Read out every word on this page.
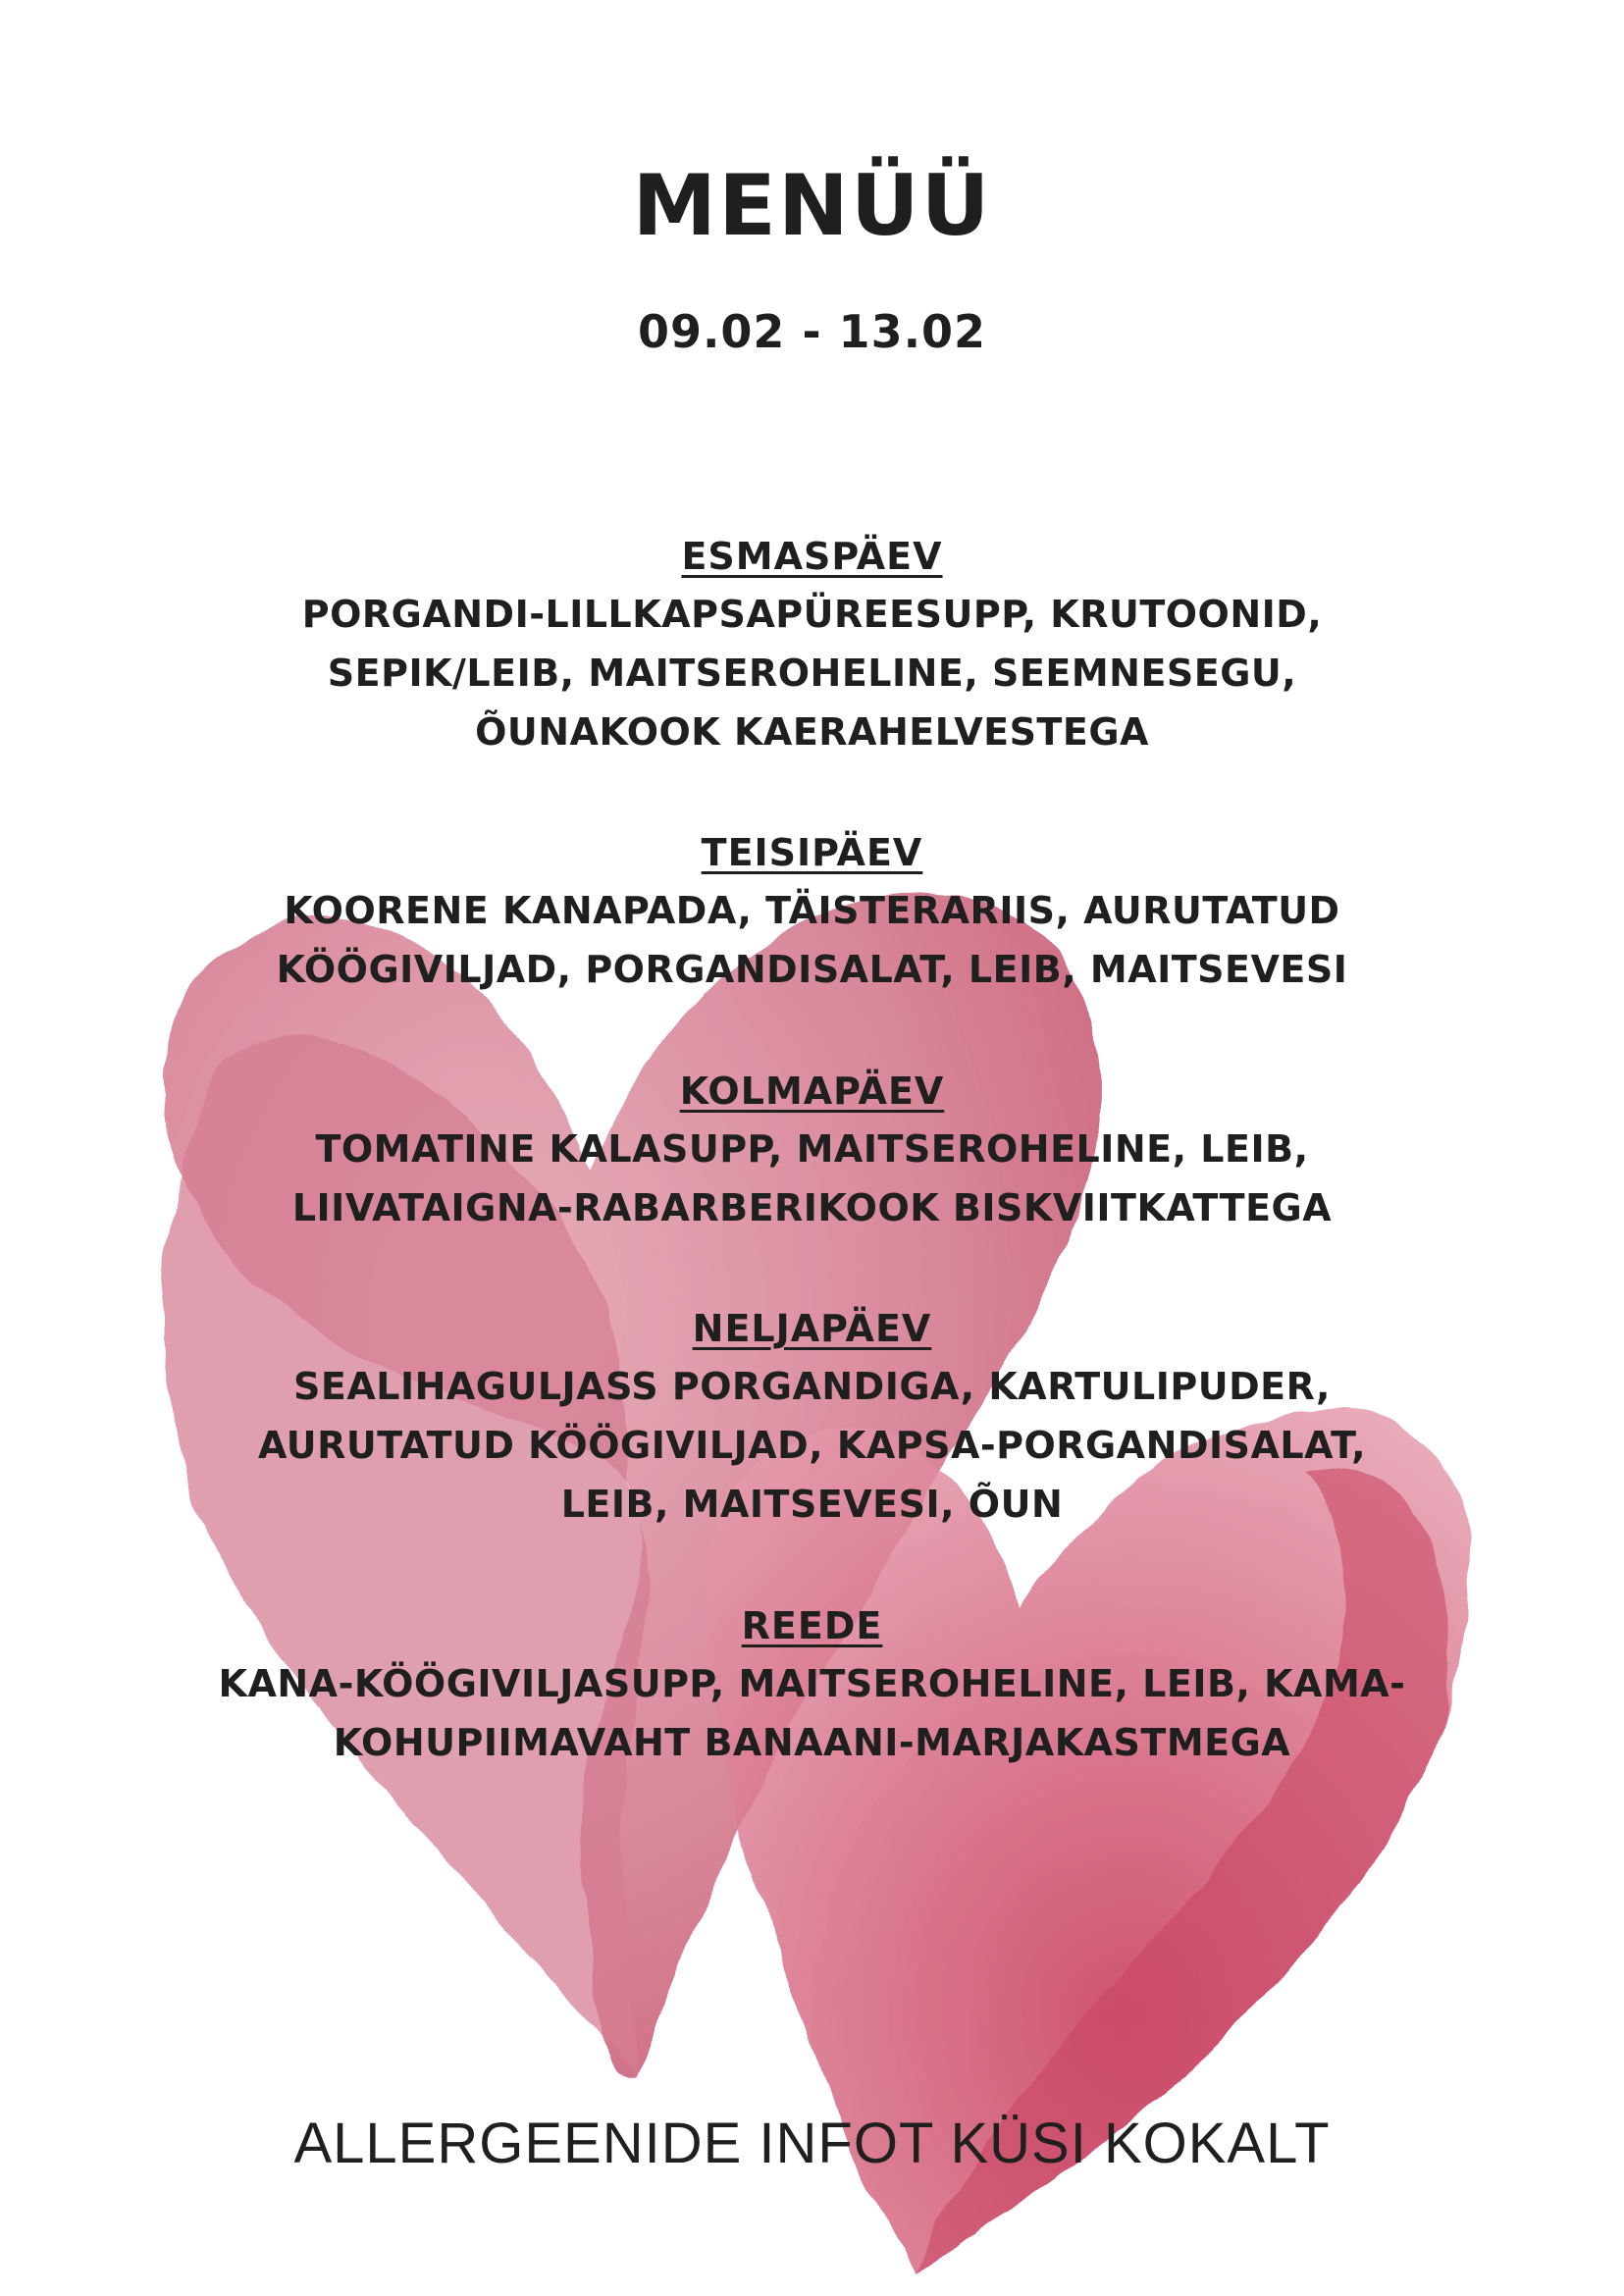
MENÜÜ
09.02 - 13.02
ESMASPÄEV
PORGANDI-LILLKAPSAPÜREESUPP, KRUTOONID,
SEPIK/LEIB, MAITSEROHELINE, SEEMNESEGU,
ÕUNAKOOK KAERAHELVESTEGA
TEISIPÄEV
KOORENE KANAPADA, TÄISTERARIIS, AURUTATUD
KÖÖGIVILJAD, PORGANDISALAT, LEIB, MAITSEVESI
KOLMAPÄEV
TOMATINE KALASUPP, MAITSEROHELINE, LEIB,
LIIVATAIGNA-RABARBERIKOOK BISKVIITKATTEGA
NELJAPÄEV
SEALIHAGULJASS PORGANDIGA, KARTULIPUDER,
AURUTATUD KÖÖGIVILJAD, KAPSA-PORGANDISALAT,
LEIB, MAITSEVESI, ÕUN
REEDE
KANA-KÖÖGIVILJASUPP, MAITSEROHELINE, LEIB, KAMA-
KOHUPIIMAVAHT BANAANI-MARJAKASTMEGA
ALLERGEENIDE INFOT KÜSI KOKALT
